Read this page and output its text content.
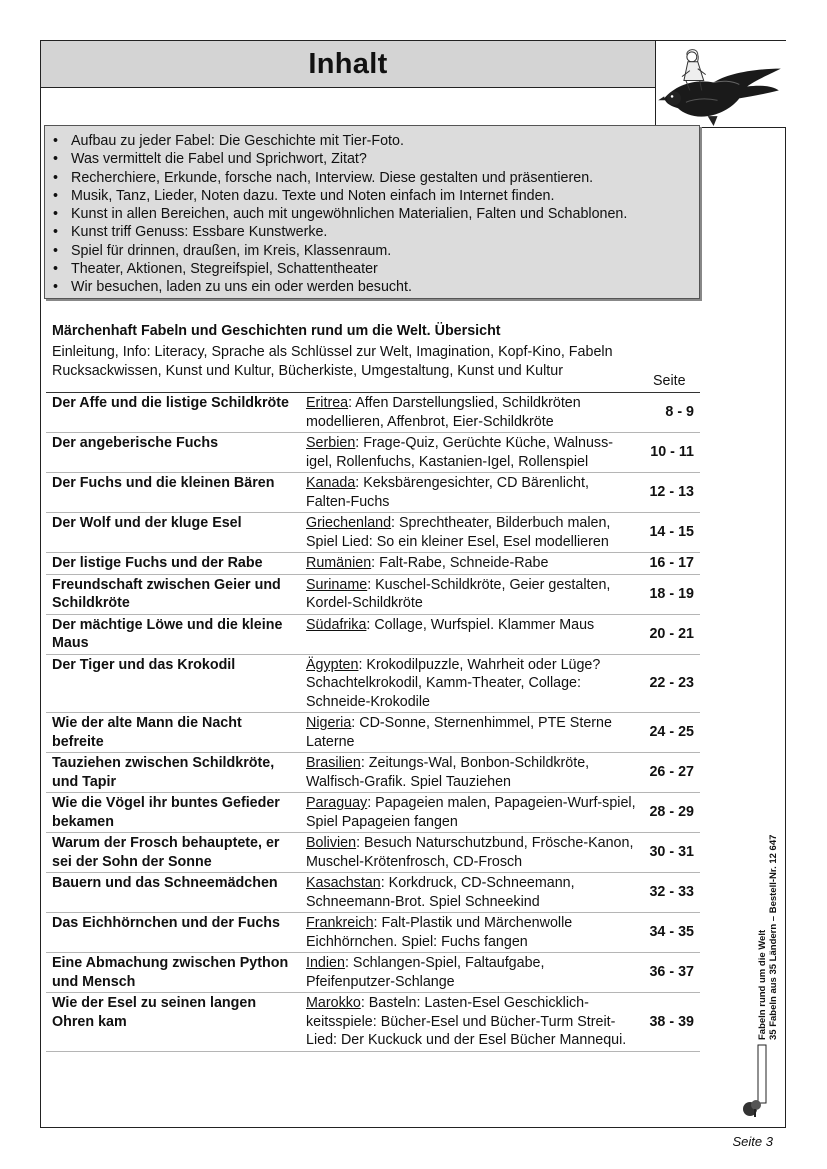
Inhalt
• Aufbau zu jeder Fabel: Die Geschichte mit Tier-Foto.
• Was vermittelt die Fabel und Sprichwort, Zitat?
• Recherchiere, Erkunde, forsche nach, Interview. Diese gestalten und präsentieren.
• Musik, Tanz, Lieder, Noten dazu. Texte und Noten einfach im Internet finden.
• Kunst in allen Bereichen, auch mit ungewöhnlichen Materialien, Falten und Schablonen.
• Kunst triff Genuss: Essbare Kunstwerke.
• Spiel für drinnen, draußen, im Kreis, Klassenraum.
• Theater, Aktionen, Stegreifspiel, Schattentheater
• Wir besuchen, laden zu uns ein oder werden besucht.
Märchenhaft Fabeln und Geschichten rund um die Welt. Übersicht
Einleitung, Info: Literacy, Sprache als Schlüssel zur Welt, Imagination, Kopf-Kino, Fabeln Rucksackwissen, Kunst und Kultur, Bücherkiste, Umgestaltung, Kunst und Kultur
Seite
Der Affe und die listige Schildkröte	Eritrea: Affen Darstellungslied, Schildkröten modellieren, Affenbrot, Eier-Schildkröte	8 - 9
Der angeberische Fuchs	Serbien: Frage-Quiz, Gerüchte Küche, Walnuss-igel, Rollenfuchs, Kastanien-Igel, Rollenspiel	10 - 11
Der Fuchs und die kleinen Bären	Kanada: Keksbärengesichter, CD Bärenlicht, Falten-Fuchs	12 - 13
Der Wolf und der kluge Esel	Griechenland: Sprechtheater, Bilderbuch malen, Spiel Lied: So ein kleiner Esel, Esel modellieren	14 - 15
Der listige Fuchs und der Rabe	Rumänien: Falt-Rabe, Schneide-Rabe	16 - 17
Freundschaft zwischen Geier und Schildkröte	Suriname: Kuschel-Schildkröte, Geier gestalten, Kordel-Schildkröte	18 - 19
Der mächtige Löwe und die kleine Maus	Südafrika: Collage, Wurfspiel. Klammer Maus	20 - 21
Der Tiger und das Krokodil	Ägypten: Krokodilpuzzle, Wahrheit oder Lüge? Schachtelkrokodil, Kamm-Theater, Collage: Schneide-Krokodile	22 - 23
Wie der alte Mann die Nacht befreite	Nigeria: CD-Sonne, Sternenhimmel, PTE Sterne Laterne	24 - 25
Tauziehen zwischen Schildkröte, und Tapir	Brasilien: Zeitungs-Wal, Bonbon-Schildkröte, Walfisch-Grafik. Spiel Tauziehen	26 - 27
Wie die Vögel ihr buntes Gefieder bekamen	Paraguay: Papageien malen, Papageien-Wurf-spiel, Spiel Papageien fangen	28 - 29
Warum der Frosch behauptete, er sei der Sohn der Sonne	Bolivien: Besuch Naturschutzbund, Frösche-Kanon, Muschel-Krötenfrosch, CD-Frosch	30 - 31
Bauern und das Schneemädchen	Kasachstan: Korkdruck, CD-Schneemann, Schneemann-Brot. Spiel Schneekind	32 - 33
Das Eichhörnchen und der Fuchs	Frankreich: Falt-Plastik und Märchenwolle Eichhörnchen. Spiel: Fuchs fangen	34 - 35
Eine Abmachung zwischen Python und Mensch	Indien: Schlangen-Spiel, Faltaufgabe, Pfeifenputzer-Schlange	36 - 37
Wie der Esel zu seinen langen Ohren kam	Marokko: Basteln: Lasten-Esel Geschicklich-keitsspiele: Bücher-Esel und Bücher-Turm Streit-Lied: Der Kuckuck und der Esel Bücher Mannequi.	38 - 39	Fabeln rund um die Welt 35 Fabeln aus 35 Ländern – Bestell-Nr. 12 647
Seite 3
